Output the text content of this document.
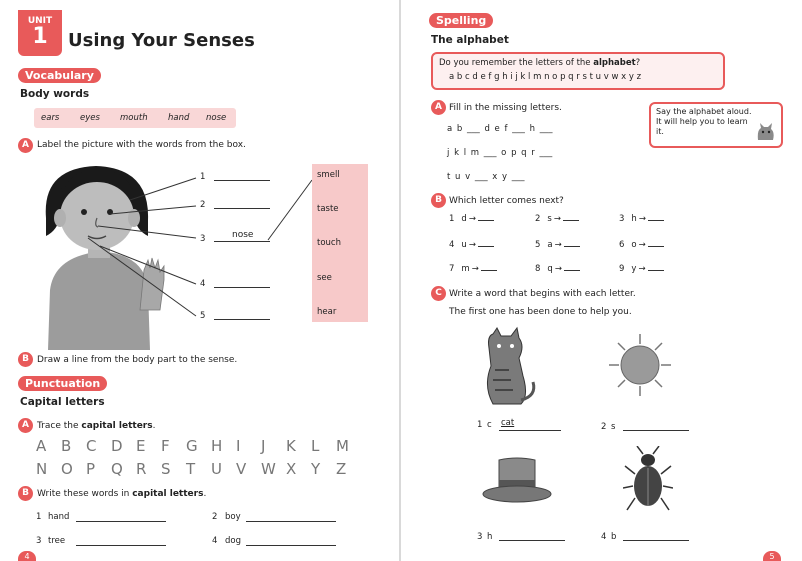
UNIT
1	Using Your Senses
Vocabulary
Body words
ears eyes mouth hand nose
A Label the picture with the words from the box.
1
2
3	nose
4
5
smell
taste
touch
see
hear
B Draw a line from the body part to the sense.
Punctuation
Capital letters
A Trace the capital letters.
A B C D E F G H I J K L M
N O P Q R S T U V W X Y Z
B Write these words in capital letters.
1 hand	2 boy
3 tree	4 dog
4
Spelling
The alphabet
Do you remember the letters of the alphabet?
a b c d e f g h i j k l m n o p q r s t u v w x y z
A Fill in the missing letters.
a b ___ d e f ___ h ___
j k l m ___ o p q r ___
t u v ___ x y ___
Say the alphabet aloud. It will help you to learn it.
B Which letter comes next?
1 d →	2 s →	3 h →
4 u →	5 a →	6 o →
7 m →	8 q →	9 y →
C Write a word that begins with each letter.
The first one has been done to help you.
1 c cat	2 s
3 h	4 b
5
